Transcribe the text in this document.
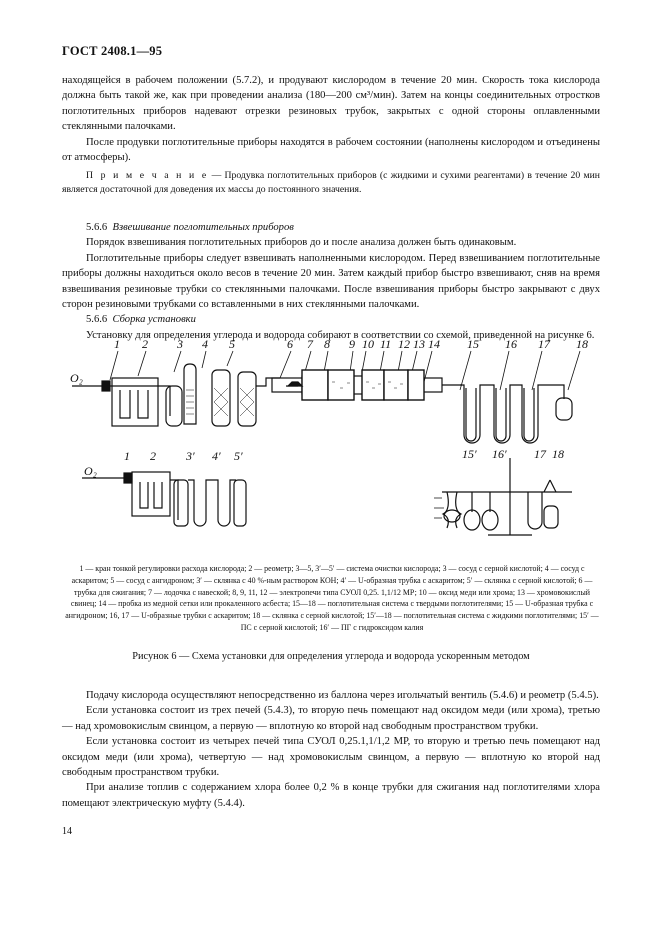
ГОСТ 2408.1—95

находящейся в рабочем положении (5.7.2), и продувают кислородом в течение 20 мин. Скорость тока кислорода должна быть такой же, как при проведении анализа (180—200 см³/мин). Затем на концы соединительных отростков поглотительных приборов надевают отрезки резиновых трубок, закрытых с одной стороны оплавленными стеклянными палочками.

После продувки поглотительные приборы находятся в рабочем состоянии (наполнены кислородом и отъединены от атмосферы).

П р и м е ч а н и е — Продувка поглотительных приборов (с жидкими и сухими реагентами) в течение 20 мин является достаточной для доведения их массы до постоянного значения.

5.6.6 Взвешивание поглотительных приборов

Порядок взвешивания поглотительных приборов до и после анализа должен быть одинаковым.

Поглотительные приборы следует взвешивать наполненными кислородом. Перед взвешиванием поглотительные приборы должны находиться около весов в течение 20 мин. Затем каждый прибор быстро взвешивают, сняв на время взвешивания резиновые трубки со стеклянными палочками. После взвешивания приборы быстро закрывают с двух сторон резиновыми трубками со вставленными в них стеклянными палочками.

5.6.6 Сборка установки

Установку для определения углерода и водорода собирают в соответствии со схемой, приведенной на рисунке 6.

1 2 3 4 5	6 7 8 9 10 11 12 13 14 15 16 17 18
O₂
O₂
1 2	3′ 4′ 5′	15′ 16′ 17 18

1 — кран тонкой регулировки расхода кислорода; 2 — реометр; 3—5, 3′—5′ — система очистки кислорода; 3 — сосуд с серной кислотой; 4 — сосуд с аскаритом; 5 — сосуд с ангидроном; 3′ — склянка с 40 %-ным раствором КОН; 4′ — U-образная трубка с аскаритом; 5′ — склянка с серной кислотой; 6 — трубка для сжигания; 7 — лодочка с навеской; 8, 9, 11, 12 — электропечи типа СУОЛ 0,25. 1,1/12 МР; 10 — оксид меди или хрома; 13 — хромовокислый свинец; 14 — пробка из медной сетки или прокаленного асбеста; 15—18 — поглотительная система с твердыми поглотителями; 15 — U-образная трубка с ангидроном; 16, 17 — U-образные трубки с аскаритом; 18 — склянка с серной кислотой; 15′—18 — поглотительная система с жидкими поглотителями; 15′ — ПС с серной кислотой; 16′ — ПГ с гидроксидом калия

Рисунок 6 — Схема установки для определения углерода и водорода ускоренным методом

Подачу кислорода осуществляют непосредственно из баллона через игольчатый вентиль (5.4.6) и реометр (5.4.5).

Если установка состоит из трех печей (5.4.3), то вторую печь помещают над оксидом меди (или хрома), третью — над хромовокислым свинцом, а первую — вплотную ко второй над свободным пространством трубки.

Если установка состоит из четырех печей типа СУОЛ 0,25.1,1/1,2 МР, то вторую и третью печь помещают над оксидом меди (или хрома), четвертую — над хромовокислым свинцом, а первую — вплотную ко второй над свободным пространством трубки.

При анализе топлив с содержанием хлора более 0,2 % в конце трубки для сжигания над поглотителями хлора помещают электрическую муфту (5.4.4).

14
